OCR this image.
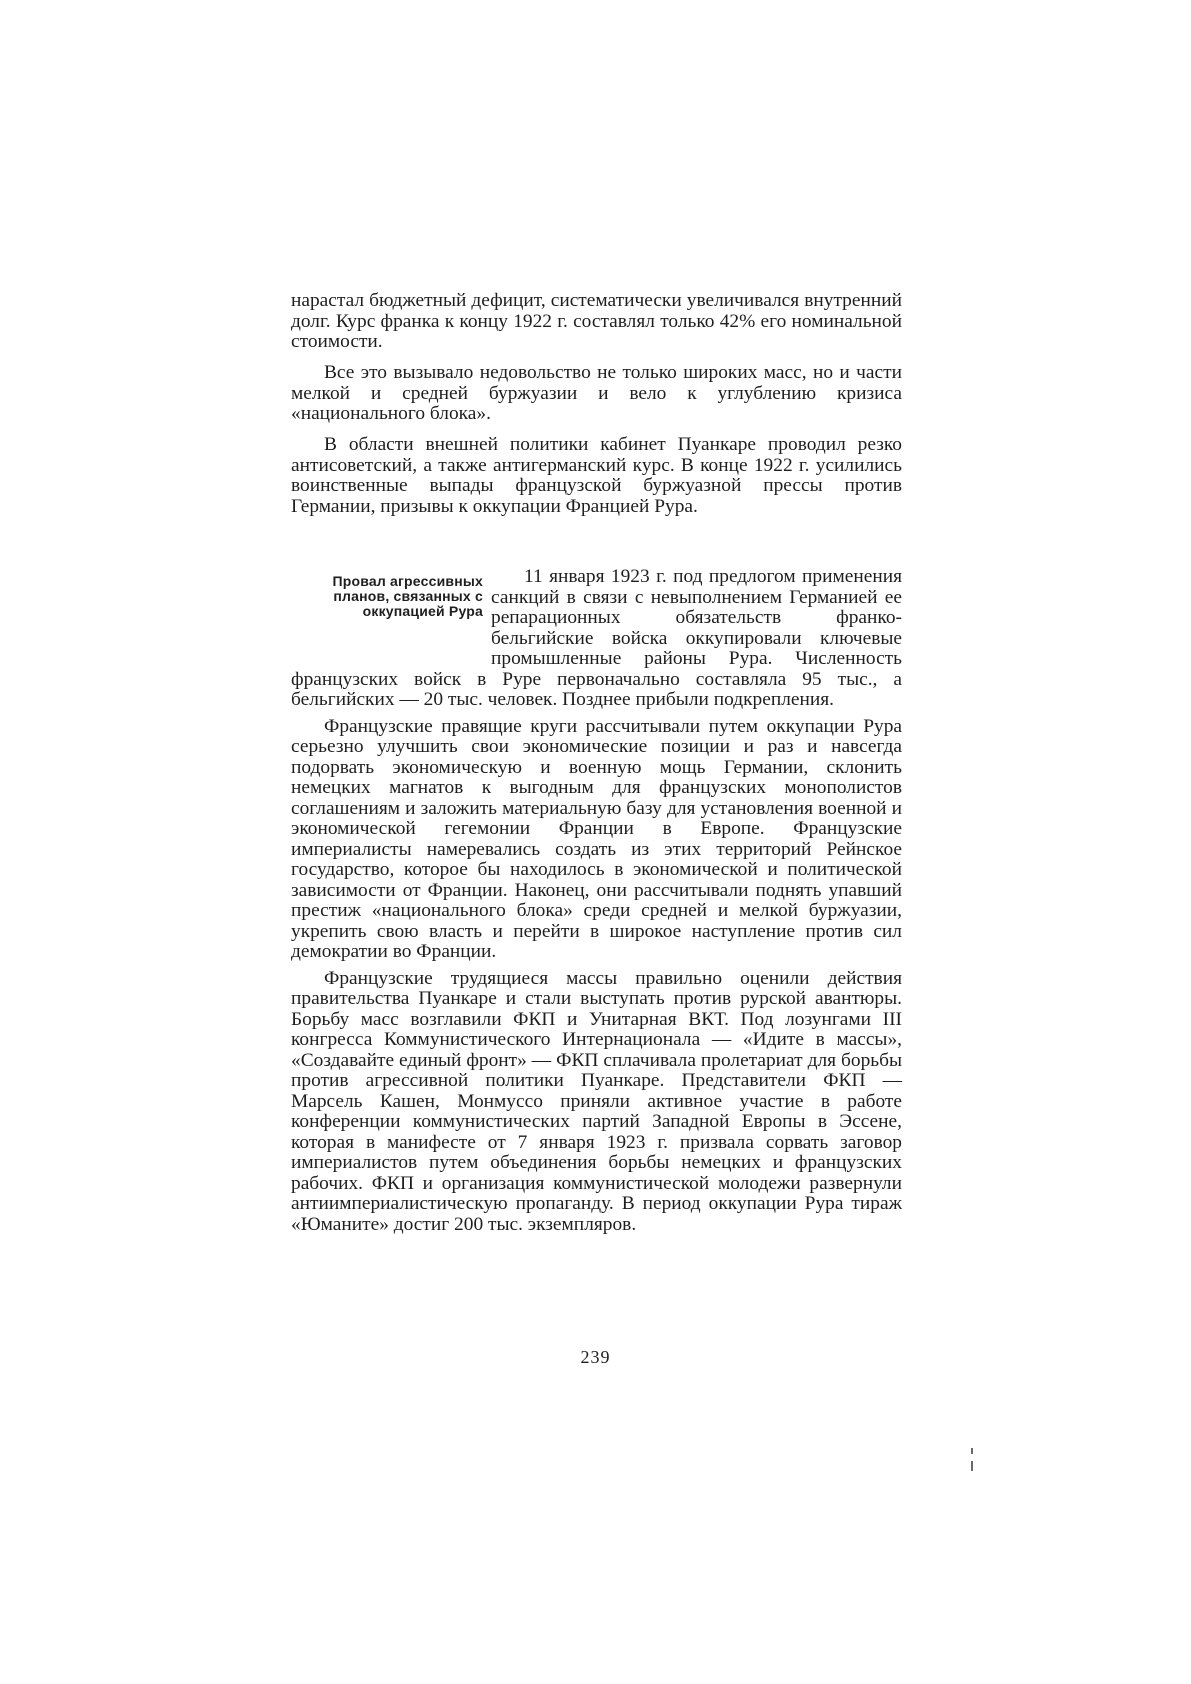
нарастал бюджетный дефицит, систематически увеличивался внутренний долг. Курс франка к концу 1922 г. составлял только 42% его номинальной стоимости.

Все это вызывало недовольство не только широких масс, но и части мелкой и средней буржуазии и вело к углублению кризиса «национального блока».

В области внешней политики кабинет Пуанкаре проводил резко антисоветский, а также антигерманский курс. В конце 1922 г. усилились воинственные выпады французской буржуазной прессы против Германии, призывы к оккупации Францией Рура.

11 января 1923 г. под предлогом применения санкций в связи с невыполнением Германией ее репарационных обязательств франко-бельгийские войска оккупировали ключевые промышленные районы Рура. Численность французских войск в Руре первоначально составляла 95 тыс., а бельгийских — 20 тыс. человек. Позднее прибыли подкрепления.

Французские правящие круги рассчитывали путем оккупации Рура серьезно улучшить свои экономические позиции и раз и навсегда подорвать экономическую и военную мощь Германии, склонить немецких магнатов к выгодным для французских монополистов соглашениям и заложить материальную базу для установления военной и экономической гегемонии Франции в Европе. Французские империалисты намеревались создать из этих территорий Рейнское государство, которое бы находилось в экономической и политической зависимости от Франции. Наконец, они рассчитывали поднять упавший престиж «национального блока» среди средней и мелкой буржуазии, укрепить свою власть и перейти в широкое наступление против сил демократии во Франции.

Французские трудящиеся массы правильно оценили действия правительства Пуанкаре и стали выступать против рурской авантюры. Борьбу масс возглавили ФКП и Унитарная ВКТ. Под лозунгами III конгресса Коммунистического Интернационала — «Идите в массы», «Создавайте единый фронт» — ФКП сплачивала пролетариат для борьбы против агрессивной политики Пуанкаре. Представители ФКП — Марсель Кашен, Монмуссо приняли активное участие в работе конференции коммунистических партий Западной Европы в Эссене, которая в манифесте от 7 января 1923 г. призвала сорвать заговор империалистов путем объединения борьбы немецких и французских рабочих. ФКП и организация коммунистической молодежи развернули антиимпериалистическую пропаганду. В период оккупации Рура тираж «Юманите» достиг 200 тыс. экземпляров.

Провал агрессивных планов, связанных с оккупацией Рура
239
